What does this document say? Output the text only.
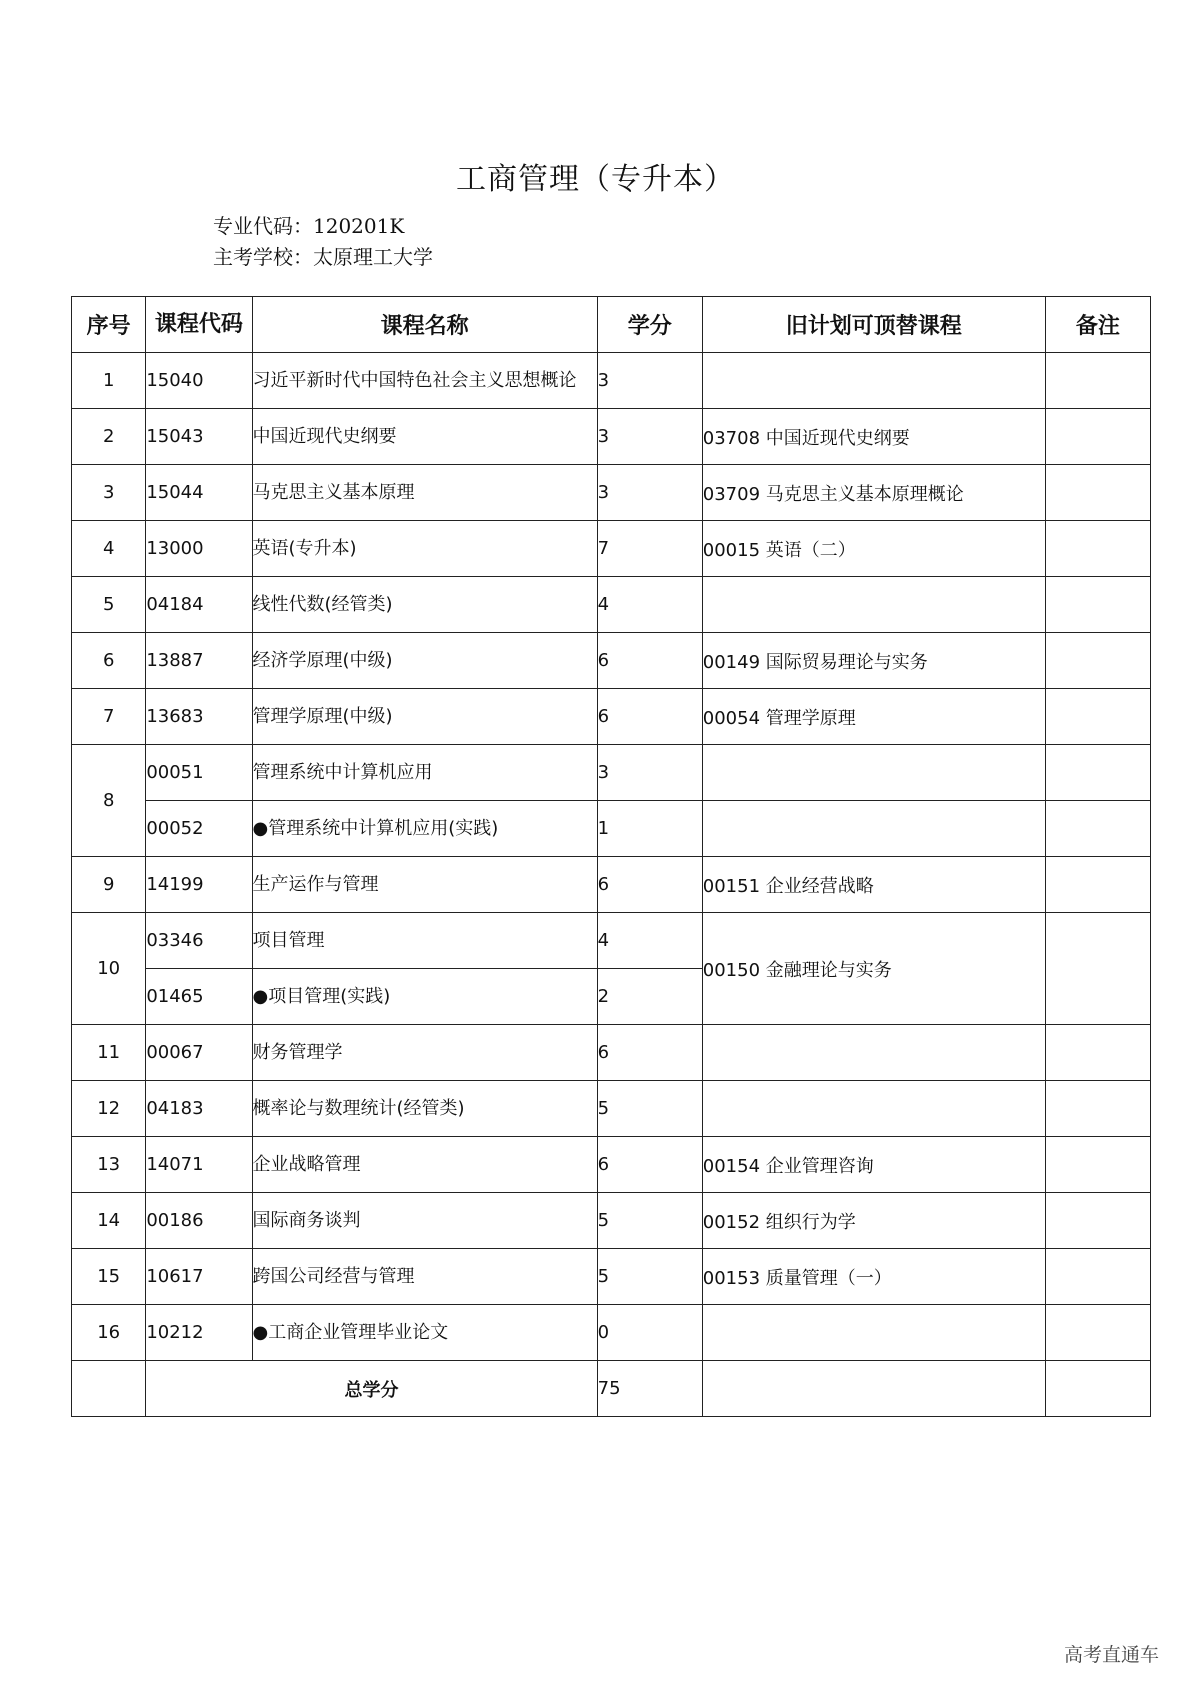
工商管理（专升本）
专业代码：120201K
主考学校：太原理工大学
序号	课程代码	课程名称	学分	旧计划可顶替课程	备注
1	15040	习近平新时代中国特色社会主义思想概论	3		
2	15043	中国近现代史纲要	3	03708 中国近现代史纲要	
3	15044	马克思主义基本原理	3	03709 马克思主义基本原理概论	
4	13000	英语(专升本)	7	00015 英语（二）	
5	04184	线性代数(经管类)	4		
6	13887	经济学原理(中级)	6	00149 国际贸易理论与实务	
7	13683	管理学原理(中级)	6	00054 管理学原理	
8	00051	管理系统中计算机应用	3		
	00052	●管理系统中计算机应用(实践)	1		
9	14199	生产运作与管理	6	00151 企业经营战略	
10	03346	项目管理	4	00150 金融理论与实务	
	01465	●项目管理(实践)	2		
11	00067	财务管理学	6		
12	04183	概率论与数理统计(经管类)	5		
13	14071	企业战略管理	6	00154 企业管理咨询	
14	00186	国际商务谈判	5	00152 组织行为学	
15	10617	跨国公司经营与管理	5	00153 质量管理（一）	
16	10212	●工商企业管理毕业论文	0		
	总学分		75		
高考直通车
